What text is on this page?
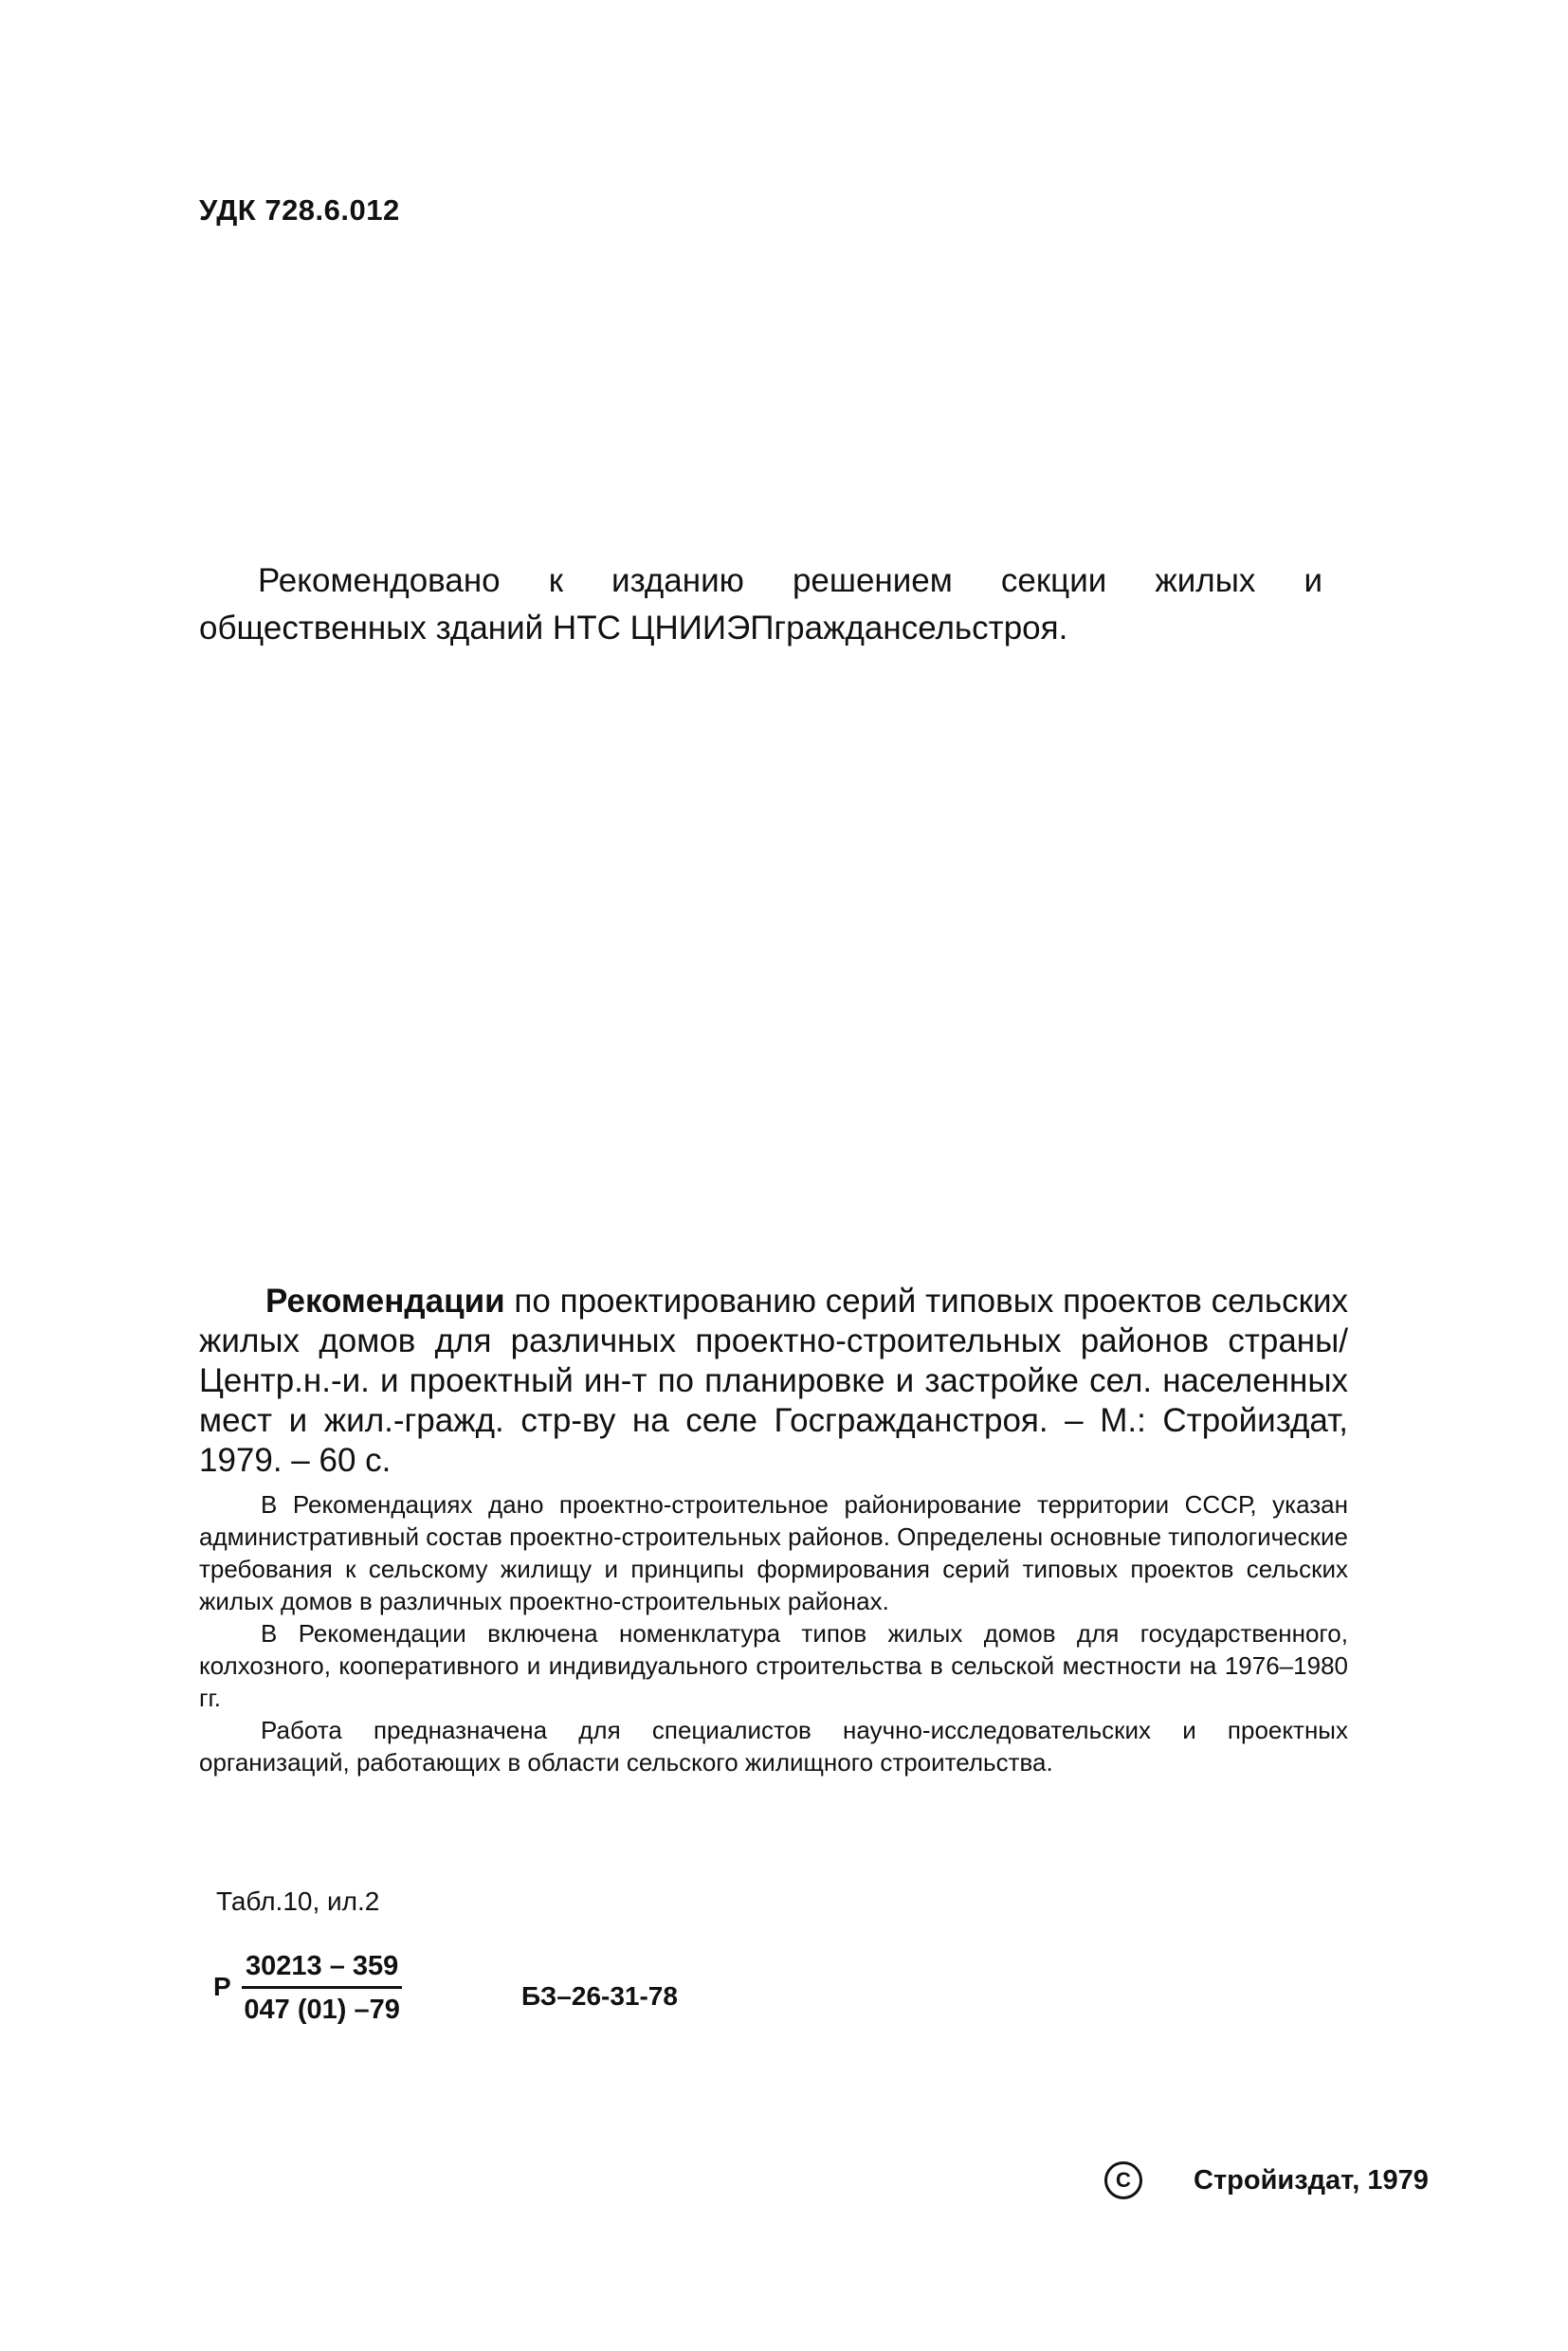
УДК 728.6.012
Рекомендовано к изданию решением секции жилых и общественных зданий НТС ЦНИИЭПграждансельстроя.
Рекомендации по проектированию серий типовых проектов сельских жилых домов для различных проектно-строительных районов страны/Центр.н.-и. и проектный ин-т по планировке и застройке сел. населенных мест и жил.-гражд. стр-ву на селе Госгражданстроя. – М.: Стройиздат, 1979. – 60 с.

В Рекомендациях дано проектно-строительное районирование территории СССР, указан административный состав проектно-строительных районов. Определены основные типологические требования к сельскому жилищу и принципы формирования серий типовых проектов сельских жилых домов в различных проектно-строительных районах.

В Рекомендации включена номенклатура типов жилых домов для государственного, колхозного, кооперативного и индивидуального строительства в сельской местности на 1976–1980 гг.

Работа предназначена для специалистов научно-исследовательских и проектных организаций, работающих в области сельского жилищного строительства.

Табл.10, ил.2
Р $\frac{30213 - 359}{047 (01) -79}$	БЗ–26-31-78
С	Стройиздат, 1979
